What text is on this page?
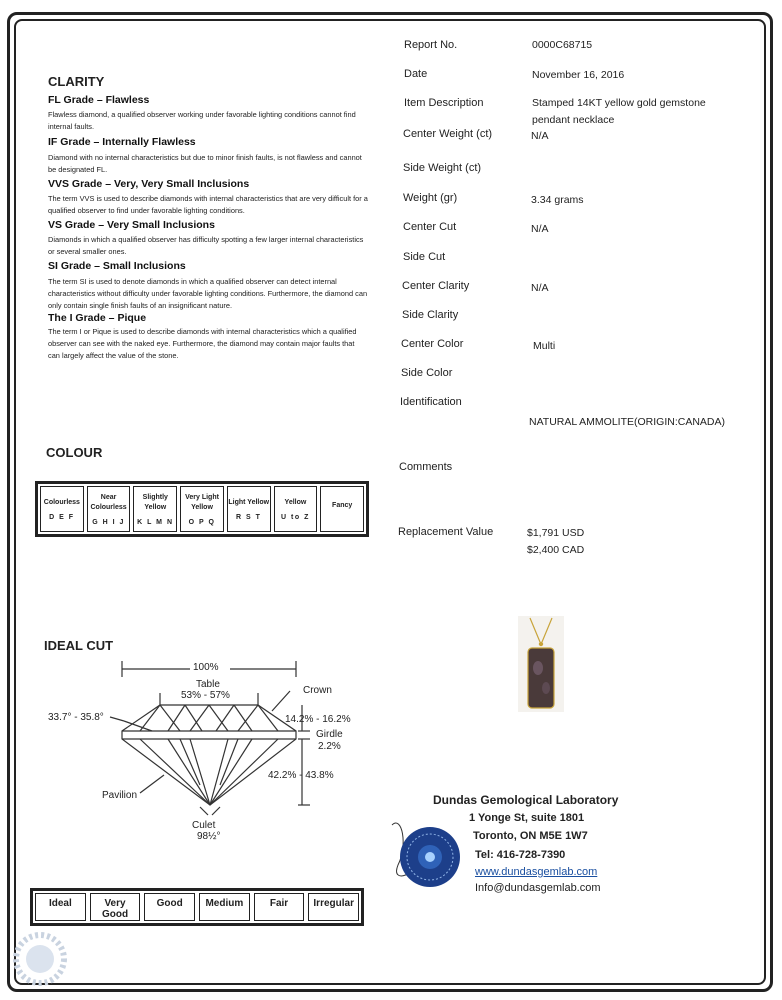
CLARITY
FL Grade – Flawless
Flawless diamond, a qualified observer working under favorable lighting conditions cannot find internal faults.
IF Grade – Internally Flawless
Diamond with no internal characteristics but due to minor finish faults, is not flawless and cannot be designated FL.
VVS Grade – Very, Very Small Inclusions
The term VVS is used to describe diamonds with internal characteristics that are very difficult for a qualified observer to find under favorable lighting conditions.
VS Grade – Very Small Inclusions
Diamonds in which a qualified observer has difficulty spotting a few larger internal characteristics or several smaller ones.
SI Grade – Small Inclusions
The term SI is used to denote diamonds in which a qualified observer can detect internal characteristics without difficulty under favorable lighting conditions. Furthermore, the diamond can only contain single finish faults of an insignificant nature.
The I Grade – Pique
The term I or Pique is used to describe diamonds with internal characteristics which a qualified observer can see with the naked eye. Furthermore, the diamond may contain major faults that can largely affect the value of the stone.
COLOUR
Colourless
D E F
Near Colourless
G H I J
Slightly Yellow
K L M N
Very Light Yellow
O P Q
Light Yellow
R S T
Yellow
U to Z
Fancy
IDEAL CUT
100%
Table
53% - 57%	Crown
33.7° - 35.8°	14.2% - 16.2%
Girdle
2.2%
42.2% - 43.8%
Pavilion
Culet
98½°
Ideal	Very Good
Good	Medium	Fair	Irregular
Report No.	0000C68715
Date	November 16, 2016
Item Description	Stamped 14KT yellow gold gemstone pendant necklace
Center Weight (ct)	N/A
Side Weight (ct)
Weight (gr)	3.34 grams
Center Cut	N/A
Side Cut
Center Clarity	N/A
Side Clarity
Center Color	Multi
Side Color
Identification
NATURAL AMMOLITE(ORIGIN:CANADA)
Comments
Replacement Value	$1,791 USD
$2,400 CAD
Dundas Gemological Laboratory
1 Yonge St, suite 1801
Toronto, ON M5E 1W7
Tel: 416-728-7390
www.dundasgemlab.com
Info@dundasgemlab.com
